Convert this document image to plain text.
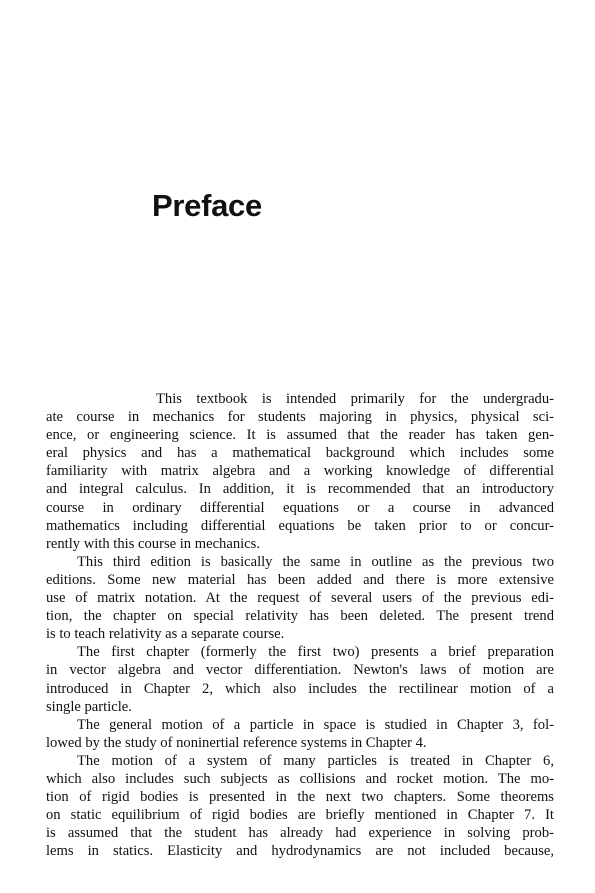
Preface
This textbook is intended primarily for the undergradu-
ate course in mechanics for students majoring in physics, physical sci-
ence, or engineering science. It is assumed that the reader has taken gen-
eral physics and has a mathematical background which includes some
familiarity with matrix algebra and a working knowledge of differential
and integral calculus. In addition, it is recommended that an introductory
course in ordinary differential equations or a course in advanced
mathematics including differential equations be taken prior to or concur-
rently with this course in mechanics.
This third edition is basically the same in outline as the previous two
editions. Some new material has been added and there is more extensive
use of matrix notation. At the request of several users of the previous edi-
tion, the chapter on special relativity has been deleted. The present trend
is to teach relativity as a separate course.
The first chapter (formerly the first two) presents a brief preparation
in vector algebra and vector differentiation. Newton's laws of motion are
introduced in Chapter 2, which also includes the rectilinear motion of a
single particle.
The general motion of a particle in space is studied in Chapter 3, fol-
lowed by the study of noninertial reference systems in Chapter 4.
The motion of a system of many particles is treated in Chapter 6,
which also includes such subjects as collisions and rocket motion. The mo-
tion of rigid bodies is presented in the next two chapters. Some theorems
on static equilibrium of rigid bodies are briefly mentioned in Chapter 7. It
is assumed that the student has already had experience in solving prob-
lems in statics. Elasticity and hydrodynamics are not included because,
